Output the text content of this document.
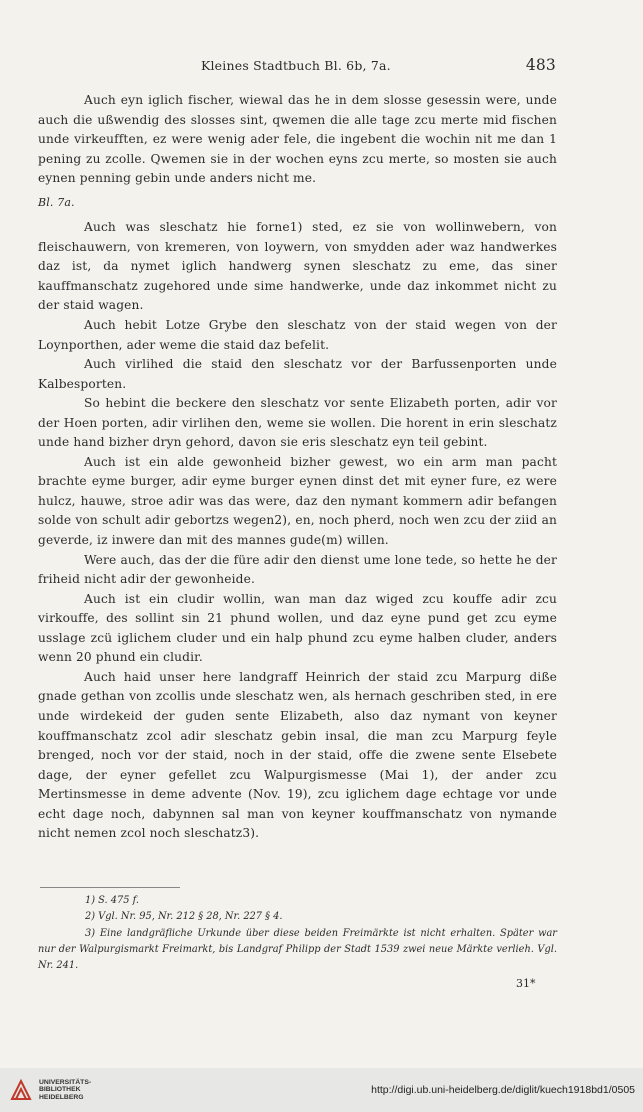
Kleines Stadtbuch Bl. 6b, 7a.	483

Auch eyn iglich fischer, wiewal das he in dem slosse gesessin were, unde auch die ußwendig des slosses sint, qwemen die alle tage zcu merte mid fischen unde virkeufften, ez were wenig ader fele, die ingebent die wochin nit me dan 1 pening zu zcolle. Qwemen sie in der wochen eyns zcu merte, so mosten sie auch eynen penning gebin unde anders nicht me.

Bl. 7a.

Auch was sleschatz hie forne1) sted, ez sie von wollinwebern, von fleischauwern, von kremeren, von loywern, von smydden ader waz handwerkes daz ist, da nymet iglich handwerg synen sleschatz zu eme, das siner kauffmanschatz zugehored unde sime handwerke, unde daz inkommet nicht zu der staid wagen.

Auch hebit Lotze Grybe den sleschatz von der staid wegen von der Loynporthen, ader weme die staid daz befelit.

Auch virlihed die staid den sleschatz vor der Barfussenporten unde Kalbesporten.

So hebint die beckere den sleschatz vor sente Elizabeth porten, adir vor der Hoen porten, adir virlihen den, weme sie wollen. Die horent in erin sleschatz unde hand bizher dryn gehord, davon sie eris sleschatz eyn teil gebint.

Auch ist ein alde gewonheid bizher gewest, wo ein arm man pacht brachte eyme burger, adir eyme burger eynen dinst det mit eyner fure, ez were hulcz, hauwe, stroe adir was das were, daz den nymant kommern adir befangen solde von schult adir gebortzs wegen2), en, noch pherd, noch wen zcu der ziid an geverde, iz inwere dan mit des mannes gude(m) willen.

Were auch, das der die füre adir den dienst ume lone tede, so hette he der friheid nicht adir der gewonheide.

Auch ist ein cludir wollin, wan man daz wiged zcu kouffe adir zcu virkouffe, des sollint sin 21 phund wollen, und daz eyne pund get zcu eyme usslage zcü iglichem cluder und ein halp phund zcu eyme halben cluder, anders wenn 20 phund ein cludir.

Auch haid unser here landgraff Heinrich der staid zcu Marpurg diße gnade gethan von zcollis unde sleschatz wen, als hernach geschriben sted, in ere unde wirdekeid der guden sente Elizabeth, also daz nymant von keyner kouffmanschatz zcol adir sleschatz gebin insal, die man zcu Marpurg feyle brenged, noch vor der staid, noch in der staid, offe die zwene sente Elsebete dage, der eyner gefellet zcu Walpurgismesse (Mai 1), der ander zcu Mertinsmesse in deme advente (Nov. 19), zcu iglichem dage echtage vor unde echt dage noch, dabynnen sal man von keyner kouffmanschatz von nymande nicht nemen zcol noch sleschatz3).

1) S. 475 f.
2) Vgl. Nr. 95, Nr. 212 § 28, Nr. 227 § 4.
3) Eine landgräfliche Urkunde über diese beiden Freimärkte ist nicht erhalten. Später war nur der Walpurgismarkt Freimarkt, bis Landgraf Philipp der Stadt 1539 zwei neue Märkte verlieh. Vgl. Nr. 241.
31*
UNIVERSITÄTS-
BIBLIOTHEK
HEIDELBERG
http://digi.ub.uni-heidelberg.de/diglit/kuech1918bd1/0505
